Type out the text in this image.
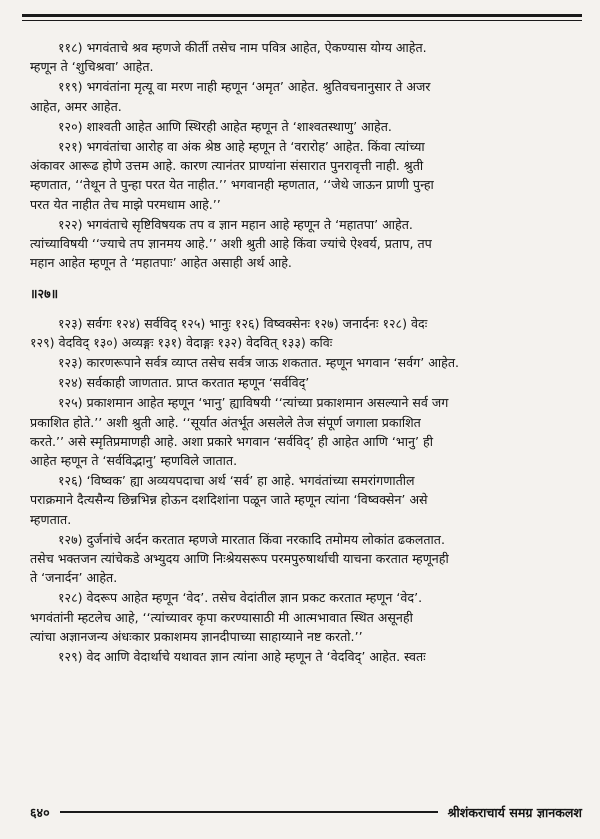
११८) भगवंताचे श्रव म्हणजे कीर्ती तसेच नाम पवित्र आहेत, ऐकण्यास योग्य आहेत.
म्हणून ते ‘शुचिश्रवा’ आहेत.
११९) भगवंतांना मृत्यू वा मरण नाही म्हणून ‘अमृत’ आहेत. श्रुतिवचनानुसार ते अजर
आहेत, अमर आहेत.
१२०) शाश्वती आहेत आणि स्थिरही आहेत म्हणून ते ‘शाश्वतस्थाणु’ आहेत.
१२१) भगवंतांचा आरोह वा अंक श्रेष्ठ आहे म्हणून ते ‘वरारोह’ आहेत. किंवा त्यांच्या
अंकावर आरूढ होणे उत्तम आहे. कारण त्यानंतर प्राण्यांना संसारात पुनरावृत्ती नाही. श्रुती
म्हणतात, ‘‘तेथून ते पुन्हा परत येत नाहीत.’’ भगवानही म्हणतात, ‘‘जेथे जाऊन प्राणी पुन्हा
परत येत नाहीत तेच माझे परमधाम आहे.’’
१२२) भगवंताचे सृष्टिविषयक तप व ज्ञान महान आहे म्हणून ते ‘महातपा’ आहेत.
त्यांच्याविषयी ‘‘ज्याचे तप ज्ञानमय आहे.’’ अशी श्रुती आहे किंवा ज्यांचे ऐश्वर्य, प्रताप, तप
महान आहेत म्हणून ते ‘महातपाः’ आहेत असाही अर्थ आहे.
॥२७॥
१२३) सर्वगः १२४) सर्वविद् १२५) भानुः १२६) विष्वक्सेनः १२७) जनार्दनः १२८) वेदः
१२९) वेदविद् १३०) अव्यङ्गः १३१) वेदाङ्गः १३२) वेदवित् १३३) कविः
१२३) कारणरूपाने सर्वत्र व्याप्त तसेच सर्वत्र जाऊ शकतात. म्हणून भगवान ‘सर्वग’ आहेत.
१२४) सर्वकाही जाणतात. प्राप्त करतात म्हणून ‘सर्वविद्’
१२५) प्रकाशमान आहेत म्हणून ‘भानु’ ह्याविषयी ‘‘त्यांच्या प्रकाशमान असल्याने सर्व जग
प्रकाशित होते.’’ अशी श्रुती आहे. ‘‘सूर्यात अंतर्भूत असलेले तेज संपूर्ण जगाला प्रकाशित
करते.’’ असे स्मृतिप्रमाणही आहे. अशा प्रकारे भगवान ‘सर्वविद्’ ही आहेत आणि ‘भानु’ ही
आहेत म्हणून ते ‘सर्वविद्भानु’ म्हणविले जातात.
१२६) ‘विष्वक’ ह्या अव्ययपदाचा अर्थ ‘सर्व’ हा आहे. भगवंतांच्या समरांगणातील
पराक्रमाने दैत्यसैन्य छिन्नभिन्न होऊन दशदिशांना पळून जाते म्हणून त्यांना ‘विष्वक्सेन’ असे
म्हणतात.
१२७) दुर्जनांचे अर्दन करतात म्हणजे मारतात किंवा नरकादि तमोमय लोकांत ढकलतात.
तसेच भक्तजन त्यांचेकडे अभ्युदय आणि निःश्रेयसरूप परमपुरुषार्थाची याचना करतात म्हणूनही
ते ‘जनार्दन’ आहेत.
१२८) वेदरूप आहेत म्हणून ‘वेद’. तसेच वेदांतील ज्ञान प्रकट करतात म्हणून ‘वेद’.
भगवंतांनी म्हटलेच आहे, ‘‘त्यांच्यावर कृपा करण्यासाठी मी आत्मभावात स्थित असूनही
त्यांचा अज्ञानजन्य अंधःकार प्रकाशमय ज्ञानदीपाच्या साहाय्याने नष्ट करतो.’’
१२९) वेद आणि वेदार्थाचे यथावत ज्ञान त्यांना आहे म्हणून ते ‘वेदविद्’ आहेत. स्वतः
६४०	श्रीशंकराचार्य समग्र ज्ञानकलश
